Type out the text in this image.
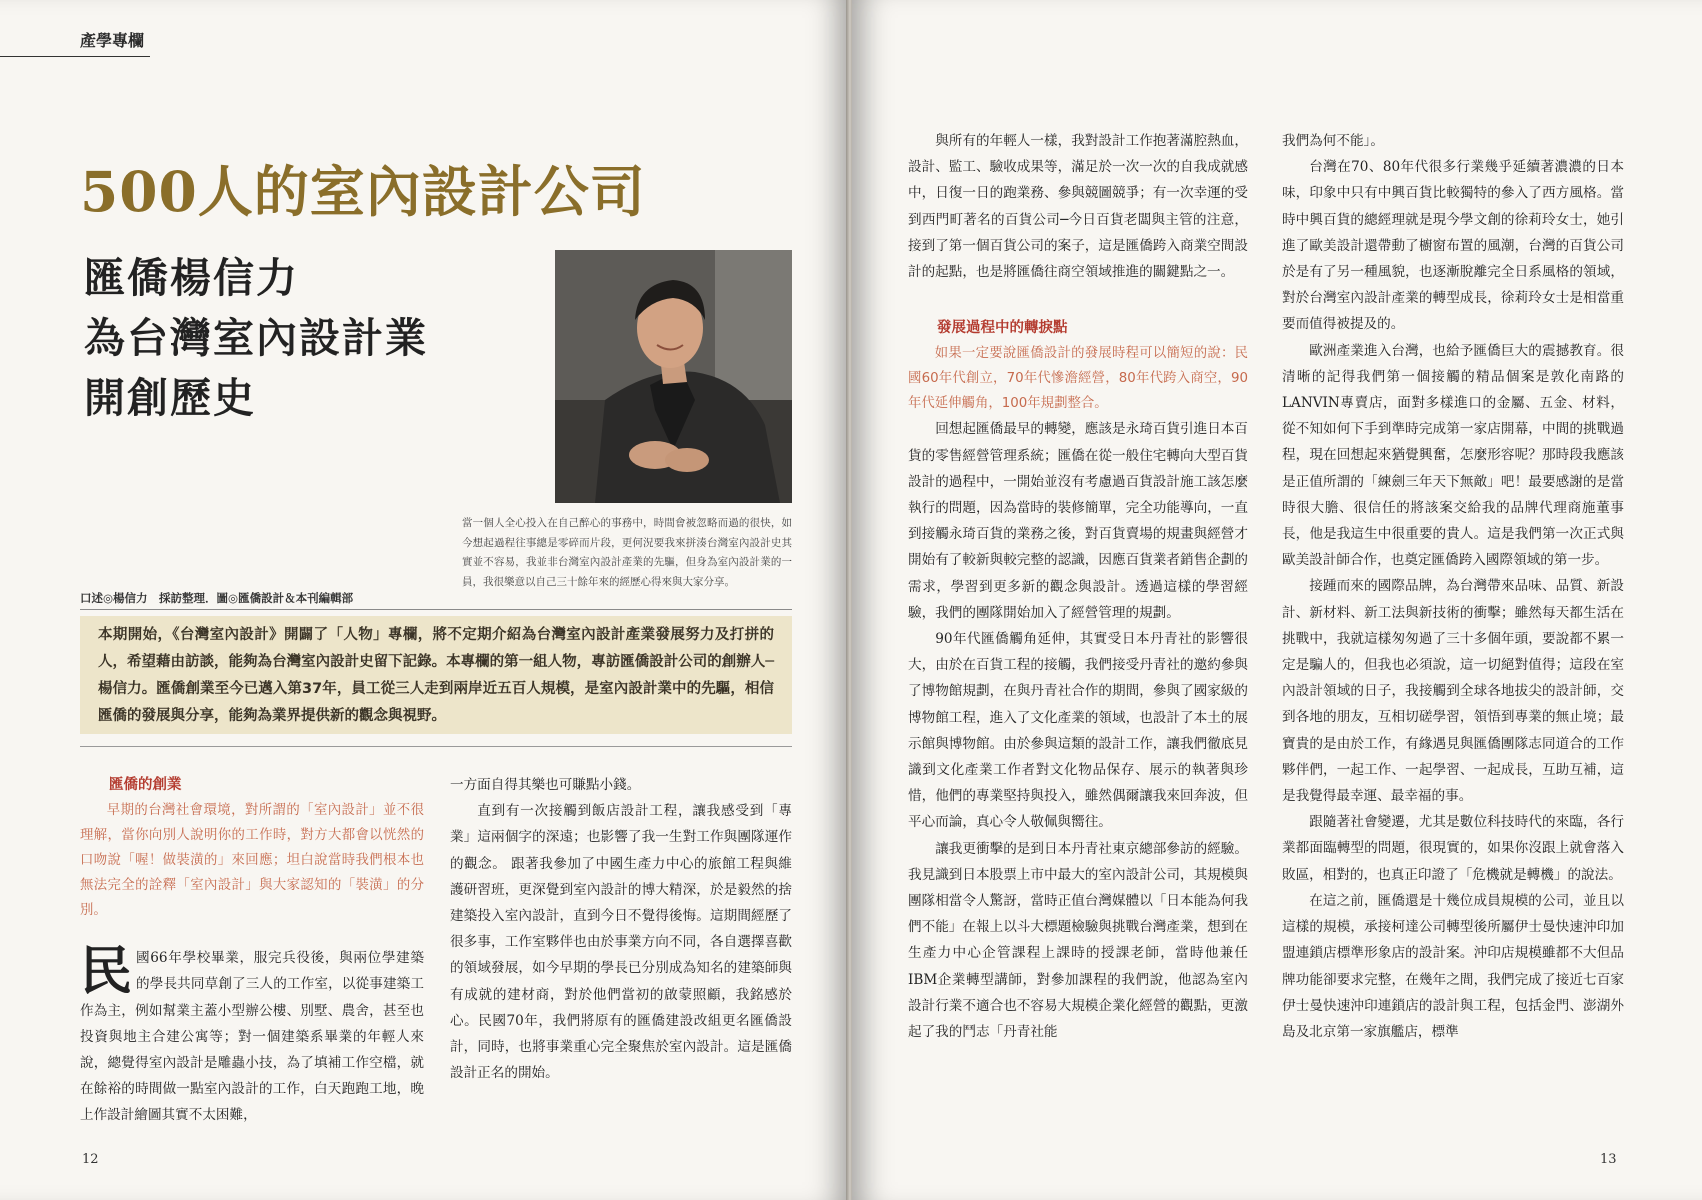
產學專欄
500人的室內設計公司
匯僑楊信力
為台灣室內設計業
開創歷史
當一個人全心投入在自己醉心的事務中，時間會被忽略而過的很快，如今想起過程往事總是零碎而片段，更何況要我來拼湊台灣室內設計史其實並不容易，我並非台灣室內設計產業的先驅，但身為室內設計業的一員，我很樂意以自己三十餘年來的經歷心得來與大家分享。
口述◎楊信力　採訪整理．圖◎匯僑設計＆本刊編輯部
本期開始，《台灣室內設計》開闢了「人物」專欄，將不定期介紹為台灣室內設計產業發展努力及打拼的人，希望藉由訪談，能夠為台灣室內設計史留下記錄。本專欄的第一組人物，專訪匯僑設計公司的創辦人─楊信力。匯僑創業至今已邁入第37年，員工從三人走到兩岸近五百人規模，是室內設計業中的先驅，相信匯僑的發展與分享，能夠為業界提供新的觀念與視野。

匯僑的創業

早期的台灣社會環境，對所謂的「室內設計」並不很理解，當你向別人說明你的工作時，對方大都會以恍然的口吻說「喔！做裝潢的」來回應；坦白說當時我們根本也無法完全的詮釋「室內設計」與大家認知的「裝潢」的分別。

民國66年學校畢業，服完兵役後，與兩位學建築的學長共同草創了三人的工作室，以從事建築工作為主，例如幫業主蓋小型辦公樓、別墅、農舍，甚至也投資與地主合建公寓等；對一個建築系畢業的年輕人來說，總覺得室內設計是雕蟲小技，為了填補工作空檔，就在餘裕的時間做一點室內設計的工作，白天跑跑工地，晚上作設計繪圖其實不太困難，

一方面自得其樂也可賺點小錢。

直到有一次接觸到飯店設計工程，讓我感受到「專業」這兩個字的深遠；也影響了我一生對工作與團隊運作的觀念。 跟著我參加了中國生產力中心的旅館工程與維護研習班，更深覺到室內設計的博大精深，於是毅然的捨建築投入室內設計，直到今日不覺得後悔。這期間經歷了很多事，工作室夥伴也由於事業方向不同，各自選擇喜歡的領域發展，如今早期的學長已分別成為知名的建築師與有成就的建材商，對於他們當初的啟蒙照顧，我銘感於心。民國70年，我們將原有的匯僑建設改組更名匯僑設計，同時，也將事業重心完全聚焦於室內設計。這是匯僑設計正名的開始。

12

與所有的年輕人一樣，我對設計工作抱著滿腔熱血，設計、監工、驗收成果等，滿足於一次一次的自我成就感中，日復一日的跑業務、參與競圖競爭；有一次幸運的受到西門町著名的百貨公司─今日百貨老闆與主管的注意，接到了第一個百貨公司的案子，這是匯僑跨入商業空間設計的起點，也是將匯僑往商空領域推進的關鍵點之一。

發展過程中的轉捩點

如果一定要說匯僑設計的發展時程可以簡短的說：民國60年代創立，70年代慘澹經營，80年代跨入商空，90年代延伸觸角，100年規劃整合。

回想起匯僑最早的轉變，應該是永琦百貨引進日本百貨的零售經營管理系統；匯僑在從一般住宅轉向大型百貨設計的過程中，一開始並沒有考慮過百貨設計施工該怎麼執行的問題，因為當時的裝修簡單，完全功能導向，一直到接觸永琦百貨的業務之後，對百貨賣場的規畫與經營才開始有了較新與較完整的認識，因應百貨業者銷售企劃的需求，學習到更多新的觀念與設計。透過這樣的學習經驗，我們的團隊開始加入了經營管理的規劃。

90年代匯僑觸角延伸，其實受日本丹青社的影響很大，由於在百貨工程的接觸，我們接受丹青社的邀約參與了博物館規劃，在與丹青社合作的期間，參與了國家級的博物館工程，進入了文化產業的領域，也設計了本土的展示館與博物館。由於參與這類的設計工作，讓我們徹底見識到文化產業工作者對文化物品保存、展示的執著與珍惜，他們的專業堅持與投入，雖然偶爾讓我來回奔波，但平心而論，真心令人敬佩與嚮往。

讓我更衝擊的是到日本丹青社東京總部參訪的經驗。我見識到日本股票上市中最大的室內設計公司，其規模與團隊相當令人驚訝，當時正值台灣媒體以「日本能為何我們不能」在報上以斗大標題檢驗與挑戰台灣產業，想到在生產力中心企管課程上課時的授課老師，當時他兼任IBM企業轉型講師，對參加課程的我們說，他認為室內設計行業不適合也不容易大規模企業化經營的觀點，更激起了我的鬥志「丹青社能

我們為何不能」。

台灣在70、80年代很多行業幾乎延續著濃濃的日本味，印象中只有中興百貨比較獨特的參入了西方風格。當時中興百貨的總經理就是現今學文創的徐莉玲女士，她引進了歐美設計還帶動了櫥窗布置的風潮，台灣的百貨公司於是有了另一種風貌，也逐漸脫離完全日系風格的領域，對於台灣室內設計產業的轉型成長，徐莉玲女士是相當重要而值得被提及的。

歐洲產業進入台灣，也給予匯僑巨大的震撼教育。很清晰的記得我們第一個接觸的精品個案是敦化南路的LANVIN專賣店，面對多樣進口的金屬、五金、材料，從不知如何下手到準時完成第一家店開幕，中間的挑戰過程，現在回想起來猶覺興奮，怎麼形容呢？那時段我應該是正值所謂的「練劍三年天下無敵」吧！最要感謝的是當時很大膽、很信任的將該案交給我的品牌代理商施董事長，他是我這生中很重要的貴人。這是我們第一次正式與歐美設計師合作，也奠定匯僑跨入國際領域的第一步。

接踵而來的國際品牌，為台灣帶來品味、品質、新設計、新材料、新工法與新技術的衝擊；雖然每天都生活在挑戰中，我就這樣匆匆過了三十多個年頭，要說都不累一定是騙人的，但我也必須說，這一切絕對值得；這段在室內設計領域的日子，我接觸到全球各地拔尖的設計師，交到各地的朋友，互相切磋學習，領悟到專業的無止境；最寶貴的是由於工作，有緣遇見與匯僑團隊志同道合的工作夥伴們，一起工作、一起學習、一起成長，互助互補，這是我覺得最幸運、最幸福的事。

跟隨著社會變遷，尤其是數位科技時代的來臨，各行業都面臨轉型的問題，很現實的，如果你沒跟上就會落入敗區，相對的，也真正印證了「危機就是轉機」的說法。

在這之前，匯僑還是十幾位成員規模的公司，並且以這樣的規模，承接柯達公司轉型後所屬伊士曼快速沖印加盟連鎖店標準形象店的設計案。沖印店規模雖都不大但品牌功能卻要求完整，在幾年之間，我們完成了接近七百家伊士曼快速沖印連鎖店的設計與工程，包括金門、澎湖外島及北京第一家旗艦店，標準

13
